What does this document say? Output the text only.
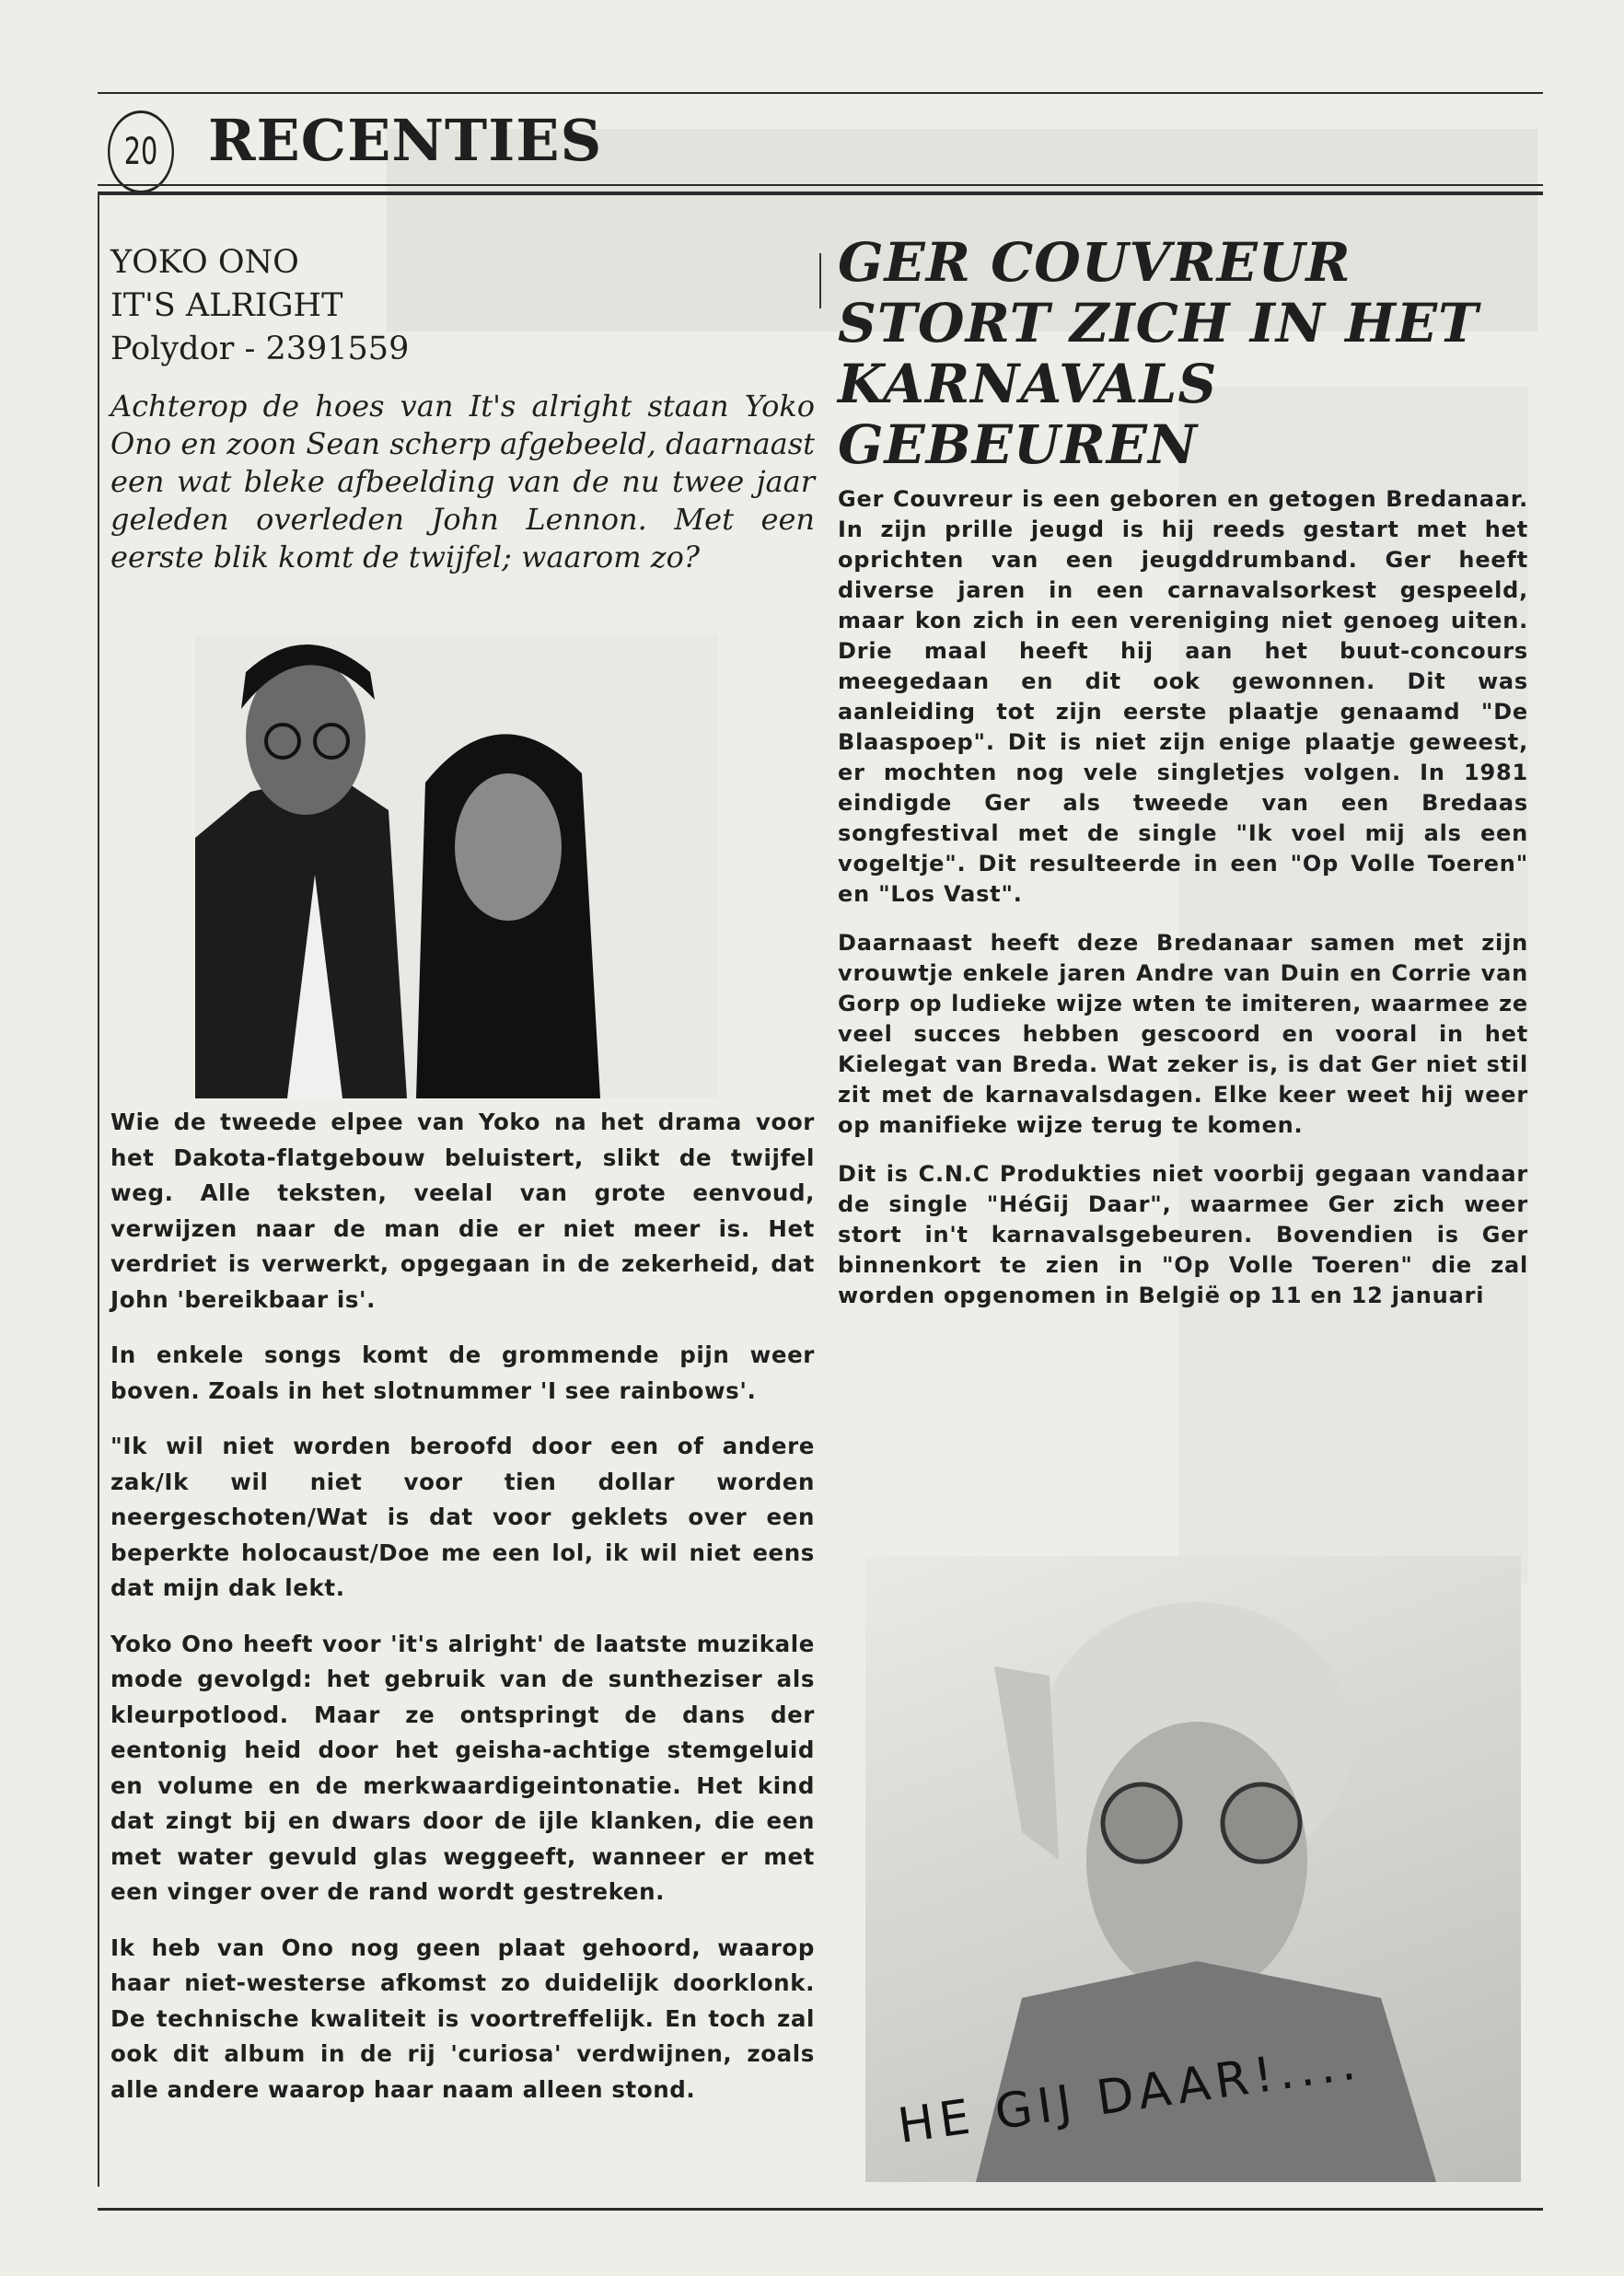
20 RECENTIES
YOKO ONO
IT'S ALRIGHT
Polydor - 2391559
Achterop de hoes van It's alright staan Yoko Ono en zoon Sean scherp afgebeeld, daarnaast een wat bleke afbeelding van de nu twee jaar geleden overleden John Lennon. Met een eerste blik komt de twijfel; waarom zo?

Wie de tweede elpee van Yoko na het drama voor het Dakota-flatgebouw beluistert, slikt de twijfel weg. Alle teksten, veelal van grote eenvoud, verwijzen naar de man die er niet meer is. Het verdriet is verwerkt, opgegaan in de zekerheid, dat John 'bereikbaar is'.

In enkele songs komt de grommende pijn weer boven. Zoals in het slotnummer 'I see rainbows'.

"Ik wil niet worden beroofd door een of andere zak/Ik wil niet voor tien dollar worden neergeschoten/Wat is dat voor geklets over een beperkte holocaust/Doe me een lol, ik wil niet eens dat mijn dak lekt.

Yoko Ono heeft voor 'it's alright' de laatste muzikale mode gevolgd: het gebruik van de suntheziser als kleurpotlood. Maar ze ontspringt de dans der eentonig heid door het geisha-achtige stemgeluid en volume en de merkwaardigeintonatie. Het kind dat zingt bij en dwars door de ijle klanken, die een met water gevuld glas weggeeft, wanneer er met een vinger over de rand wordt gestreken.

Ik heb van Ono nog geen plaat gehoord, waarop haar niet-westerse afkomst zo duidelijk doorklonk. De technische kwaliteit is voortreffelijk. En toch zal ook dit album in de rij 'curiosa' verdwijnen, zoals alle andere waarop haar naam alleen stond.

GER COUVREUR STORT ZICH IN HET KARNAVALS GEBEUREN

Ger Couvreur is een geboren en getogen Bredanaar. In zijn prille jeugd is hij reeds gestart met het oprichten van een jeugddrumband. Ger heeft diverse jaren in een carnavalsorkest gespeeld, maar kon zich in een vereniging niet genoeg uiten. Drie maal heeft hij aan het buut-concours meegedaan en dit ook gewonnen. Dit was aanleiding tot zijn eerste plaatje genaamd "De Blaaspoep". Dit is niet zijn enige plaatje geweest, er mochten nog vele singletjes volgen. In 1981 eindigde Ger als tweede van een Bredaas songfestival met de single "Ik voel mij als een vogeltje". Dit resulteerde in een "Op Volle Toeren" en "Los Vast".

Daarnaast heeft deze Bredanaar samen met zijn vrouwtje enkele jaren Andre van Duin en Corrie van Gorp op ludieke wijze wten te imiteren, waarmee ze veel succes hebben gescoord en vooral in het Kielegat van Breda. Wat zeker is, is dat Ger niet stil zit met de karnavalsdagen. Elke keer weet hij weer op manifieke wijze terug te komen.

Dit is C.N.C Produkties niet voorbij gegaan vandaar de single "HéGij Daar", waarmee Ger zich weer stort in't karnavalsgebeuren. Bovendien is Ger binnenkort te zien in "Op Volle Toeren" die zal worden opgenomen in België op 11 en 12 januari

HE GIJ DAAR!....
